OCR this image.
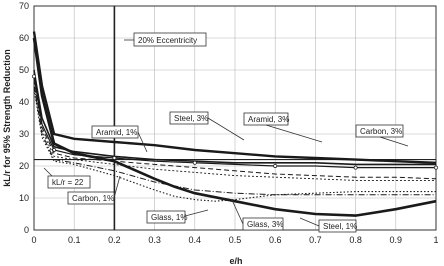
0	0.1	0.2	0.3	0.4	0.5	0.6	0.7	0.8	0.9	1
0
10
20
30
40
50
60
70
e/h
kL/r for 95% Strength Reduction
20% Eccentricity
Steel, 3%	Aramid, 3%
Carbon, 3%
Aramid, 1%
kL/r = 22
Carbon, 1%
Glass, 1%
Glass, 3%	Steel, 1%
